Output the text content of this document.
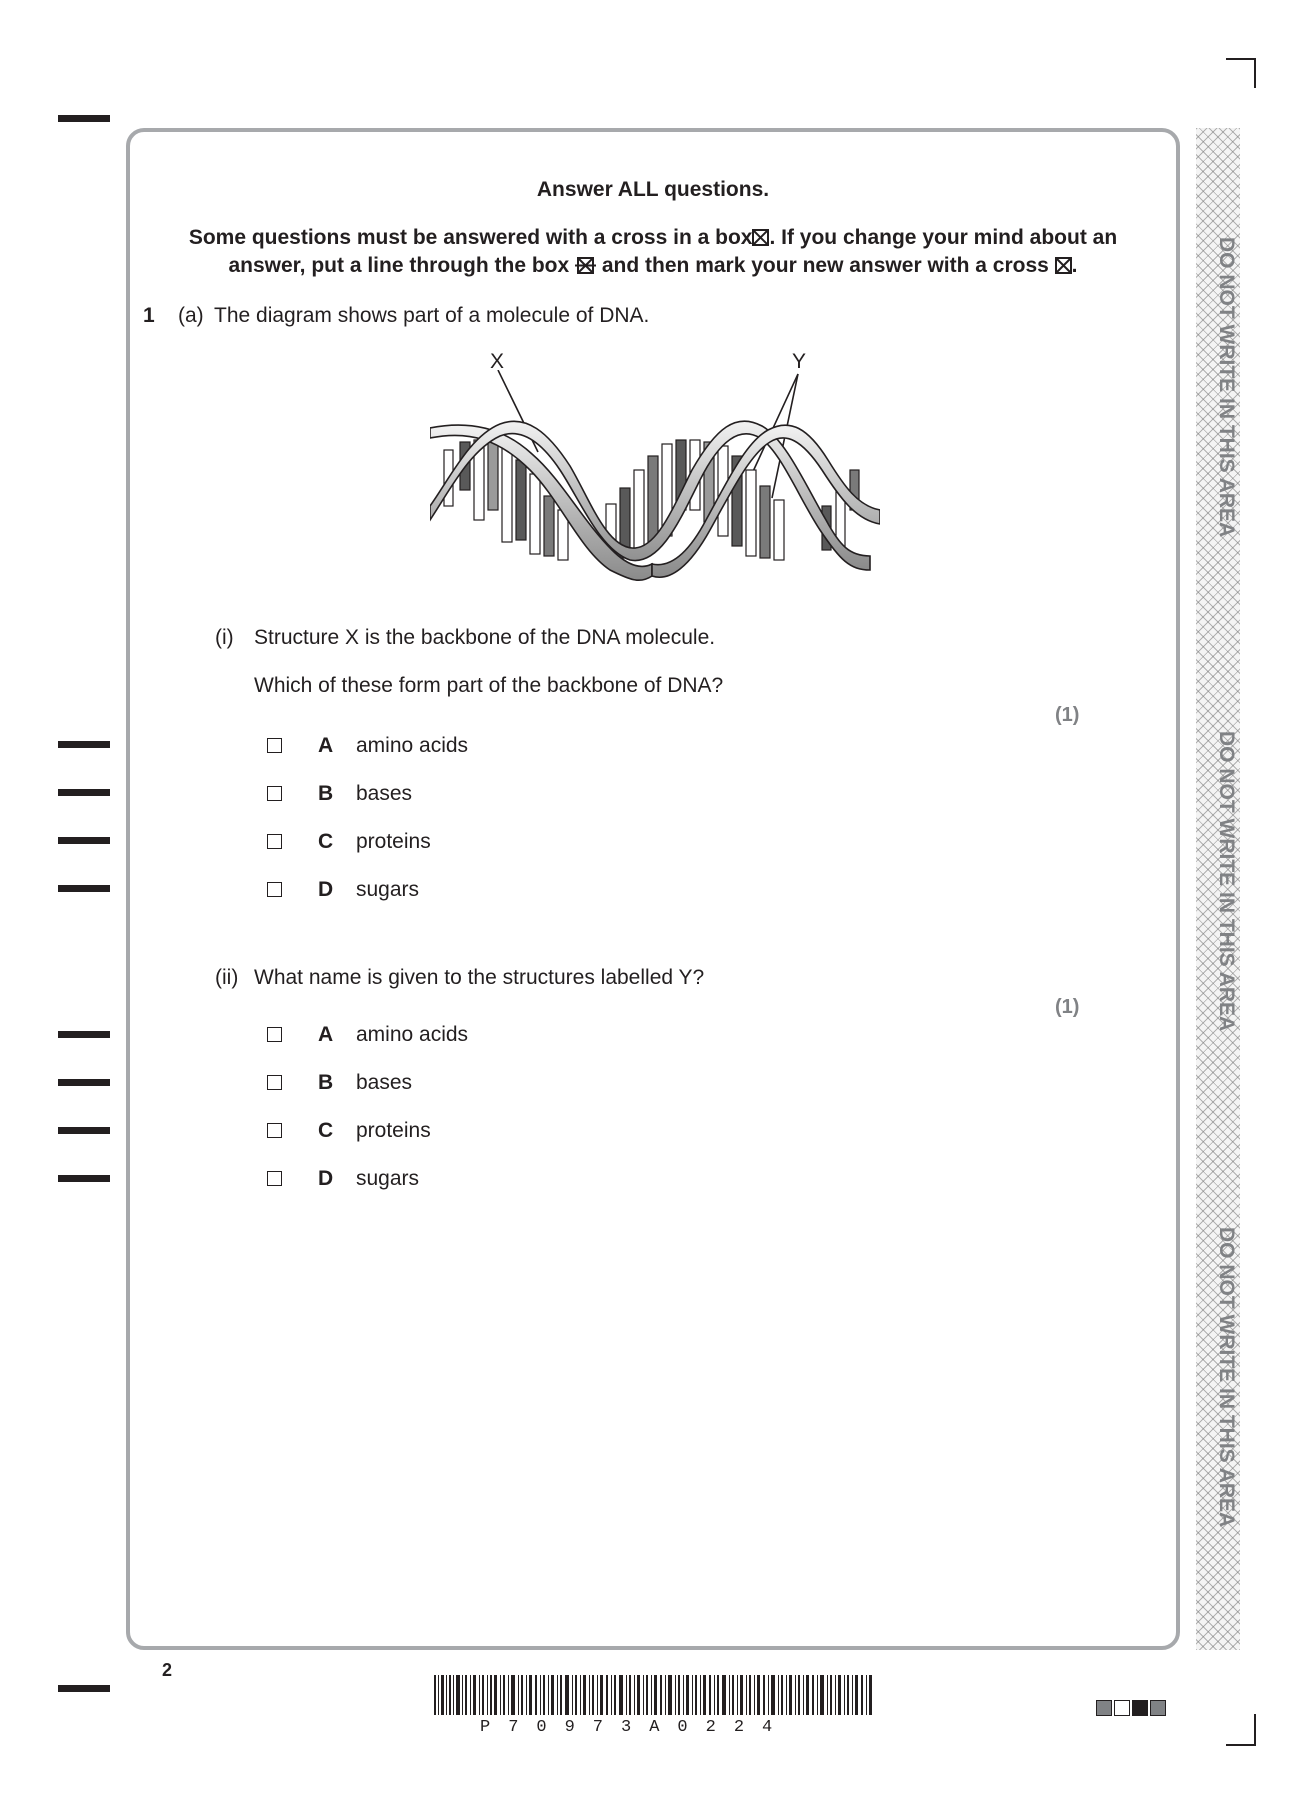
DO NOT WRITE IN THIS AREA
DO NOT WRITE IN THIS AREA
DO NOT WRITE IN THIS AREA
Answer ALL questions.
Some questions must be answered with a cross in a box☒. If you change your mind about an
answer, put a line through the box and then mark your new answer with a cross ☒.
1 (a) The diagram shows part of a molecule of DNA.
X	Y
(i) Structure X is the backbone of the DNA molecule.
Which of these form part of the backbone of DNA?
(1)
A amino acids
B bases
C proteins
D sugars
(ii) What name is given to the structures labelled Y?
(1)
A amino acids
B bases
C proteins
D sugars
2
P70973A0224
